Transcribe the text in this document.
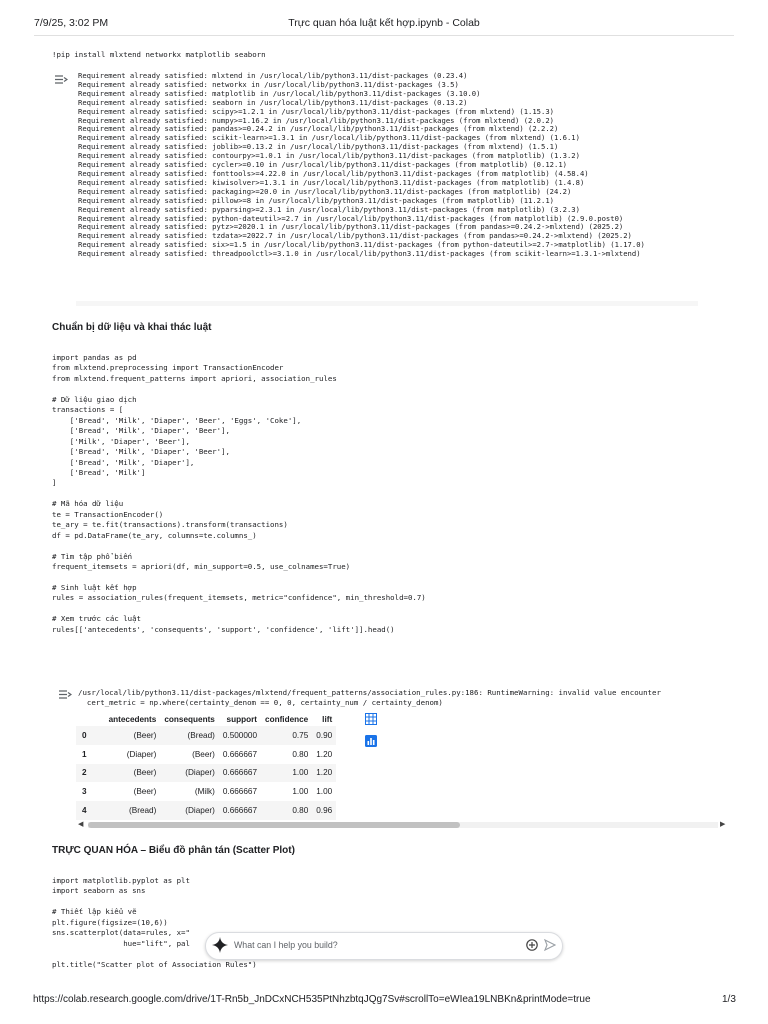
7/9/25, 3:02 PM	Trực quan hóa luật kết hợp.ipynb - Colab
!pip install mlxtend networkx matplotlib seaborn
Requirement already satisfied: mlxtend in /usr/local/lib/python3.11/dist-packages (0.23.4)
Requirement already satisfied: networkx in /usr/local/lib/python3.11/dist-packages (3.5)
Requirement already satisfied: matplotlib in /usr/local/lib/python3.11/dist-packages (3.10.0)
Requirement already satisfied: seaborn in /usr/local/lib/python3.11/dist-packages (0.13.2)
Requirement already satisfied: scipy>=1.2.1 in /usr/local/lib/python3.11/dist-packages (from mlxtend) (1.15.3)
Requirement already satisfied: numpy>=1.16.2 in /usr/local/lib/python3.11/dist-packages (from mlxtend) (2.0.2)
Requirement already satisfied: pandas>=0.24.2 in /usr/local/lib/python3.11/dist-packages (from mlxtend) (2.2.2)
Requirement already satisfied: scikit-learn>=1.3.1 in /usr/local/lib/python3.11/dist-packages (from mlxtend) (1.6.1)
Requirement already satisfied: joblib>=0.13.2 in /usr/local/lib/python3.11/dist-packages (from mlxtend) (1.5.1)
Requirement already satisfied: contourpy>=1.0.1 in /usr/local/lib/python3.11/dist-packages (from matplotlib) (1.3.2)
Requirement already satisfied: cycler>=0.10 in /usr/local/lib/python3.11/dist-packages (from matplotlib) (0.12.1)
Requirement already satisfied: fonttools>=4.22.0 in /usr/local/lib/python3.11/dist-packages (from matplotlib) (4.58.4)
Requirement already satisfied: kiwisolver>=1.3.1 in /usr/local/lib/python3.11/dist-packages (from matplotlib) (1.4.8)
Requirement already satisfied: packaging>=20.0 in /usr/local/lib/python3.11/dist-packages (from matplotlib) (24.2)
Requirement already satisfied: pillow>=8 in /usr/local/lib/python3.11/dist-packages (from matplotlib) (11.2.1)
Requirement already satisfied: pyparsing>=2.3.1 in /usr/local/lib/python3.11/dist-packages (from matplotlib) (3.2.3)
Requirement already satisfied: python-dateutil>=2.7 in /usr/local/lib/python3.11/dist-packages (from matplotlib) (2.9.0.post0)
Requirement already satisfied: pytz>=2020.1 in /usr/local/lib/python3.11/dist-packages (from pandas>=0.24.2->mlxtend) (2025.2)
Requirement already satisfied: tzdata>=2022.7 in /usr/local/lib/python3.11/dist-packages (from pandas>=0.24.2->mlxtend) (2025.2)
Requirement already satisfied: six>=1.5 in /usr/local/lib/python3.11/dist-packages (from python-dateutil>=2.7->matplotlib) (1.17.0)
Requirement already satisfied: threadpoolctl>=3.1.0 in /usr/local/lib/python3.11/dist-packages (from scikit-learn>=1.3.1->mlxtend)
Chuẩn bị dữ liệu và khai thác luật
import pandas as pd
from mlxtend.preprocessing import TransactionEncoder
from mlxtend.frequent_patterns import apriori, association_rules

# Dữ liệu giao dịch
transactions = [
['Bread', 'Milk', 'Diaper', 'Beer', 'Eggs', 'Coke'],
['Bread', 'Milk', 'Diaper', 'Beer'],
['Milk', 'Diaper', 'Beer'],
['Bread', 'Milk', 'Diaper', 'Beer'],
['Bread', 'Milk', 'Diaper'],
['Bread', 'Milk']
]

# Mã hóa dữ liệu
te = TransactionEncoder()
te_ary = te.fit(transactions).transform(transactions)
df = pd.DataFrame(te_ary, columns=te.columns_)

# Tìm tập phổ biến
frequent_itemsets = apriori(df, min_support=0.5, use_colnames=True)

# Sinh luật kết hợp
rules = association_rules(frequent_itemsets, metric="confidence", min_threshold=0.7)

# Xem trước các luật
rules[['antecedents', 'consequents', 'support', 'confidence', 'lift']].head()
/usr/local/lib/python3.11/dist-packages/mlxtend/frequent_patterns/association_rules.py:186: RuntimeWarning: invalid value encounter
cert_metric = np.where(certainty_denom == 0, 0, certainty_num / certainty_denom)
	antecedents	consequents	support	confidence	lift
0	(Beer)	(Bread)	0.500000	0.75	0.90
1	(Diaper)	(Beer)	0.666667	0.80	1.20
2	(Beer)	(Diaper)	0.666667	1.00	1.20
3	(Beer)	(Milk)	0.666667	1.00	1.00
4	(Bread)	(Diaper)	0.666667	0.80	0.96
◀	▶
TRỰC QUAN HÓA – Biểu đồ phân tán (Scatter Plot)
import matplotlib.pyplot as plt
import seaborn as sns

# Thiết lập kiểu vẽ
plt.figure(figsize=(10,6))
sns.scatterplot(data=rules, x="
hue="lift", pal

plt.title("Scatter plot of Association Rules")
What can I help you build?
https://colab.research.google.com/drive/1T-Rn5b_JnDCxNCH535PtNhzbtqJQg7Sv#scrollTo=eWIea19LNBKn&printMode=true	1/3
